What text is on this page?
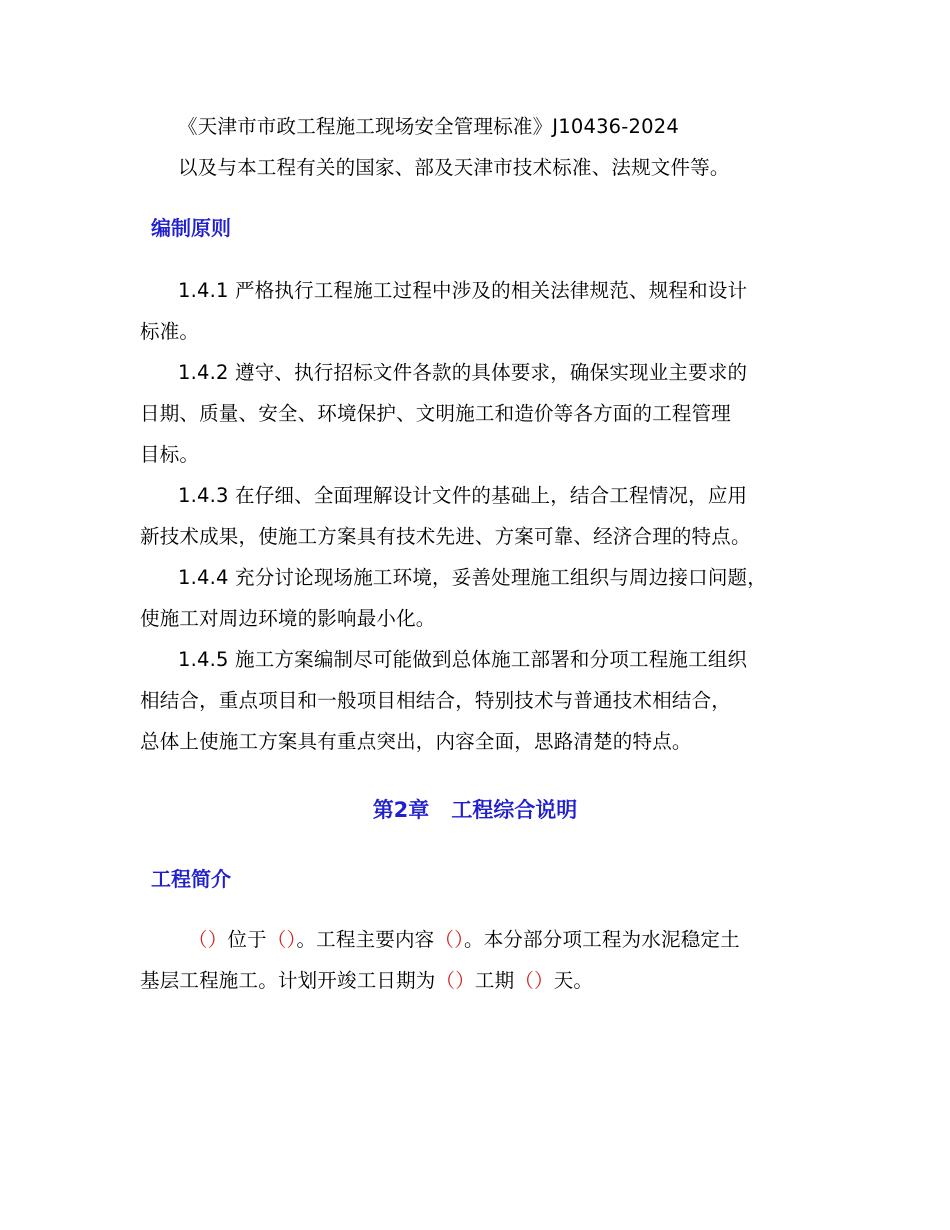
《天津市市政工程施工现场安全管理标准》J10436-2024
以及与本工程有关的国家、部及天津市技术标准、法规文件等。
编制原则
1.4.1 严格执行工程施工过程中涉及的相关法律规范、规程和设计
标准。
1.4.2 遵守、执行招标文件各款的具体要求，确保实现业主要求的
日期、质量、安全、环境保护、文明施工和造价等各方面的工程管理
目标。
1.4.3 在仔细、全面理解设计文件的基础上，结合工程情况，应用
新技术成果，使施工方案具有技术先进、方案可靠、经济合理的特点。
1.4.4 充分讨论现场施工环境，妥善处理施工组织与周边接口问题，
使施工对周边环境的影响最小化。
1.4.5 施工方案编制尽可能做到总体施工部署和分项工程施工组织
相结合，重点项目和一般项目相结合，特别技术与普通技术相结合，
总体上使施工方案具有重点突出，内容全面，思路清楚的特点。
第2章 工程综合说明
工程简介
（）位于（）。工程主要内容（）。本分部分项工程为水泥稳定土
基层工程施工。计划开竣工日期为（）工期（）天。
